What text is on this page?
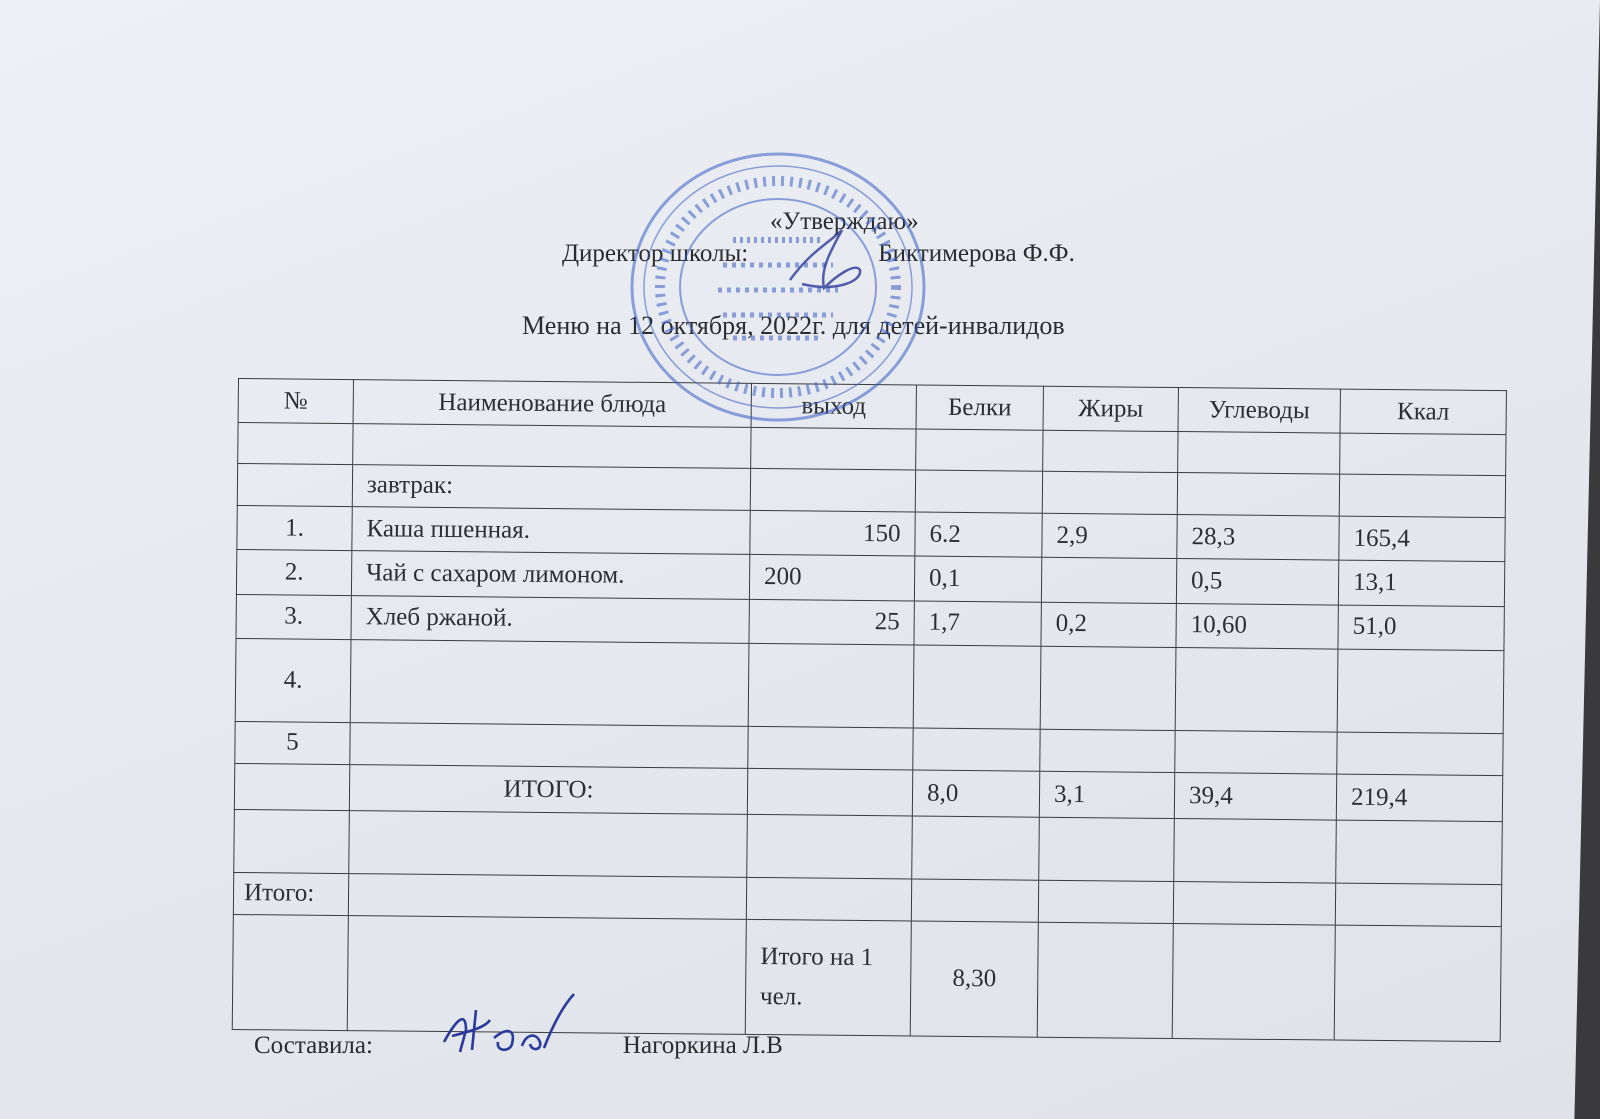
«Утверждаю»
Директор школы:	Биктимерова Ф.Ф.
Меню на 12 октября, 2022г. для детей-инвалидов
№	Наименование блюда	выход	Белки	Жиры	Углеводы	Ккал

	завтрак:					
1.	Каша пшенная.	150	6.2	2,9	28,3	165,4
2.	Чай с сахаром лимоном.	200	0,1		0,5	13,1
3.	Хлеб ржаной.	25	1,7	0,2	10,60	51,0
4.						
5						
	ИТОГО:		8,0	3,1	39,4	219,4

Итого:						
		Итого на 1 чел.	8,30			
Составила:	Нагоркина Л.В
